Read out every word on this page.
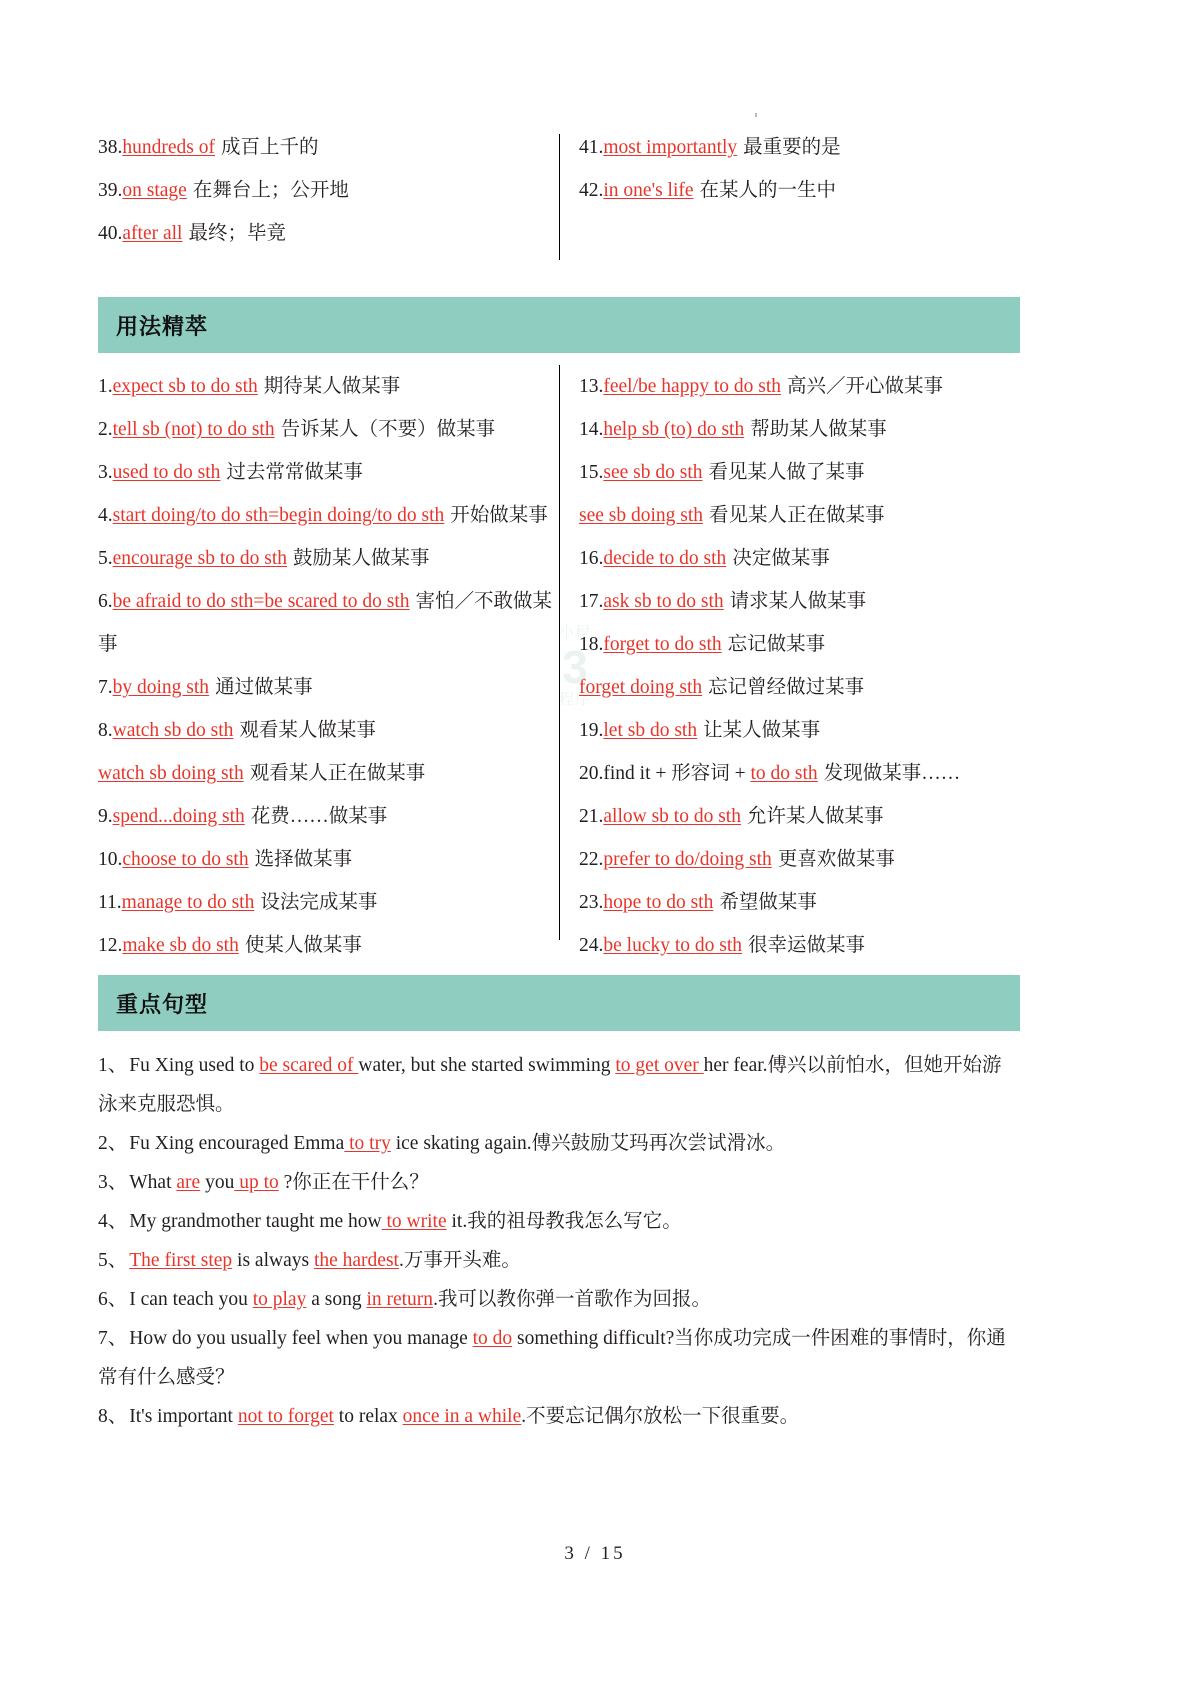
小程
3
程序
38.hundreds of 成百上千的
39.on stage 在舞台上；公开地
40.after all 最终；毕竟
41.most importantly 最重要的是
42.in one's life 在某人的一生中
用法精萃
1.expect sb to do sth 期待某人做某事
2.tell sb (not) to do sth 告诉某人（不要）做某事
3.used to do sth 过去常常做某事
4.start doing/to do sth=begin doing/to do sth 开始做某事
5.encourage sb to do sth 鼓励某人做某事
6.be afraid to do sth=be scared to do sth 害怕／不敢做某事
7.by doing sth 通过做某事
8.watch sb do sth 观看某人做某事
watch sb doing sth 观看某人正在做某事
9.spend...doing sth 花费……做某事
10.choose to do sth 选择做某事
11.manage to do sth 设法完成某事
12.make sb do sth 使某人做某事
13.feel/be happy to do sth 高兴／开心做某事
14.help sb (to) do sth 帮助某人做某事
15.see sb do sth 看见某人做了某事
see sb doing sth 看见某人正在做某事
16.decide to do sth 决定做某事
17.ask sb to do sth 请求某人做某事
18.forget to do sth 忘记做某事
forget doing sth 忘记曾经做过某事
19.let sb do sth 让某人做某事
20.find it + 形容词 + to do sth 发现做某事……
21.allow sb to do sth 允许某人做某事
22.prefer to do/doing sth 更喜欢做某事
23.hope to do sth 希望做某事
24.be lucky to do sth 很幸运做某事
重点句型
1、 Fu Xing used to be scared of water, but she started swimming to get over her fear.傅兴以前怕水，但她开始游泳来克服恐惧。
2、 Fu Xing encouraged Emma to try ice skating again.傅兴鼓励艾玛再次尝试滑冰。
3、 What are you up to ?你正在干什么？
4、 My grandmother taught me how to write it.我的祖母教我怎么写它。
5、 The first step is always the hardest.万事开头难。
6、 I can teach you to play a song in return.我可以教你弹一首歌作为回报。
7、 How do you usually feel when you manage to do something difficult?当你成功完成一件困难的事情时，你通常有什么感受？
8、 It's important not to forget to relax once in a while.不要忘记偶尔放松一下很重要。
3 / 15
